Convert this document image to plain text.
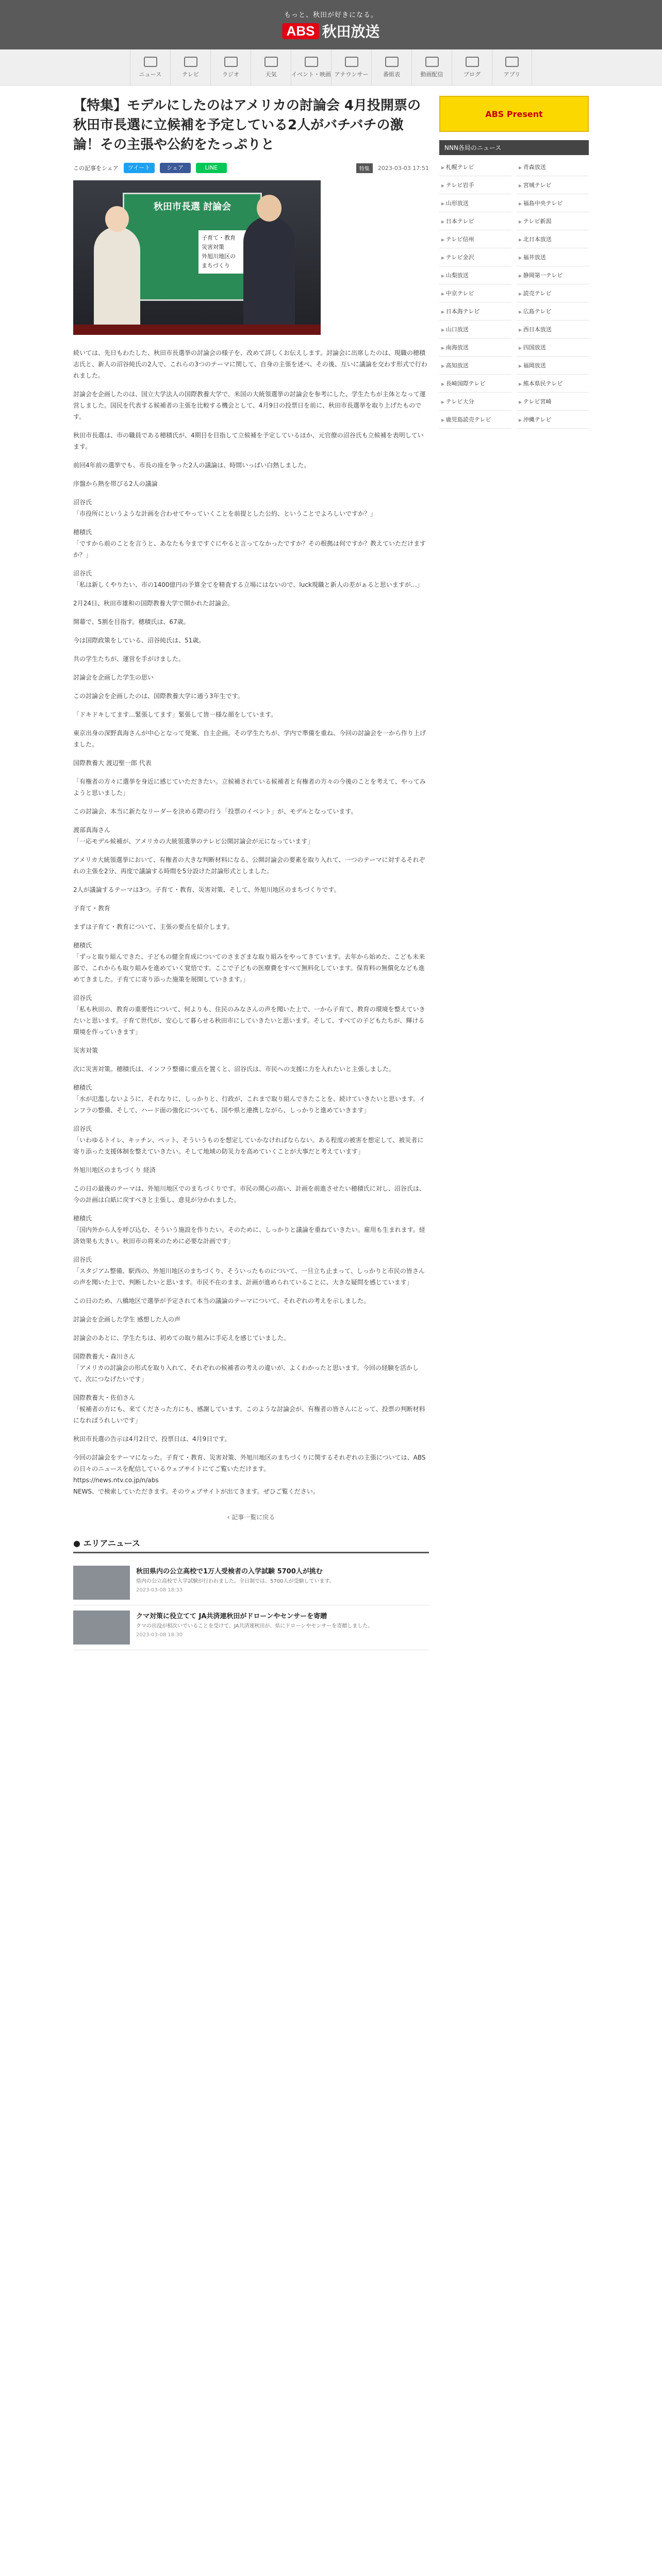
もっと、秋田が好きになる。
ABS 秋田放送
ニュース	テレビ	ラジオ	天気	イベント・映画 アナウンサー	番組表	動画配信	ブログ	アプリ
【特集】モデルにしたのはアメリカの討論会 4月投開票の秋田市長選に立候補を予定している2人がバチバチの激論！その主張や公約をたっぷりと
この記事をシェア	ツイート	シェア	LINE	特集	2023-03-03 17:51
秋田市長選 討論会
子育て・教育
災害対策
外旭川地区の
まちづくり

続いては、先日もわたした、秋田市長選挙の討論会の様子を、改めて詳しくお伝えします。討論会に出席したのは、現職の穂積志氏と、新人の沼谷純氏の2人で、これらの3つのテーマに関して、自身の主張を述べ、その後、互いに議論を交わす形式で行われました。

討論会を企画したのは、国立大学法人の国際教養大学で、米国の大統領選挙の討論会を参考にした、学生たちが主体となって運営しました。国民を代表する候補者の主張を比較する機会として、4月9日の投票日を前に、秋田市長選挙を取り上げたものです。

秋田市長選は、市の職員である穂積氏が、4期目を目指して立候補を予定しているほか、元官僚の沼谷氏も立候補を表明しています。

前回4年前の選挙でも、市長の座を争った2人の議論は、時間いっぱい白熱しました。

序盤から熱を帯びる2人の議論

沼谷氏
「市役所にというような計画を合わせてやっていくことを前提とした公約、ということでよろしいですか？」

穂積氏
「ですから前のことを言うと、あなたも今まですぐにやると言ってなかったですか？その根拠は何ですか？教えていただけますか？」

沼谷氏
「私は新しくやりたい、市の1400億円の予算全てを精査する立場にはないので、luck現職と新人の差がぁると思いますが…」

2月24日、秋田市雄和の国際教養大学で開かれた討論会。

開幕で、5割を目指す。穂積氏は、67歳。

今は国際政策をしている、沼谷純氏は、51歳。

共の学生たちが、運営を手がけました。

討論会を企画した学生の思い

この討論会を企画したのは、国際教養大学に通う3年生です。

「ドキドキしてます…緊張してます」緊張して皆一様な顔をしています。

東京出身の深野真海さんが中心となって発案、自主企画。その学生たちが、学内で準備を重ね、今回の討論会を一から作り上げました。

国際教養大 渡辺聖一郎 代表

「有権者の方々に選挙を身近に感じていただきたい。立候補されている候補者と有権者の方々の今後のことを考えて、やってみようと思いました」

この討論会、本当に新たなリーダーを決める際の行う「投票のイベント」が、モデルとなっています。

渡部真海さん
「一応モデル候補が、アメリカの大統領選挙のテレビ公開討論会が元になっています」

アメリカ大統領選挙において、有権者の大きな判断材料になる、公開討論会の要素を取り入れて、一つのテーマに対するそれぞれの主張を2分、再度で議論する時間を5分設けた討論形式としました。

2人が議論するテーマは3つ。子育て・教育、災害対策、そして、外旭川地区のまちづくりです。

子育て・教育

まずは子育て・教育について、主張の要点を紹介します。

穂積氏
「ずっと取り組んできた、子どもの健全育成についてのさまざまな取り組みをやってきています。去年から始めた、こども未来部で、これからも取り組みを進めていく覚悟です。ここで子どもの医療費をすべて無料化しています。保育料の無償化なども進めてきました。子育てに寄り添った施策を展開していきます。」

沼谷氏
「私も秋田の、教育の重要性について、何よりも、住民のみなさんの声を聞いた上で、一から子育て、教育の環境を整えていきたいと思います。子育て世代が、安心して暮らせる秋田市にしていきたいと思います。そして、すべての子どもたちが、輝ける環境を作っていきます」

災害対策

次に災害対策。穂積氏は、インフラ整備に重点を置くと、沼谷氏は、市民への支援に力を入れたいと主張しました。

穂積氏
「水が氾濫しないように、それなりに、しっかりと、行政が、これまで取り組んできたことを、続けていきたいと思います。インフラの整備、そして、ハード面の強化についても、国や県と連携しながら、しっかりと進めていきます」

沼谷氏
「いわゆるトイレ、キッチン、ペット、そういうものを想定していかなければならない。ある程度の被害を想定して、被災者に寄り添った支援体制を整えていきたい。そして地域の防災力を高めていくことが大事だと考えています」

外旭川地区のまちづくり 経済

この日の最後のテーマは、外旭川地区でのまちづくりです。市民の関心の高い、計画を前進させたい穂積氏に対し、沼谷氏は、今の計画は白紙に戻すべきと主張し、意見が分かれました。

穂積氏
「国内外から人を呼び込む、そういう施設を作りたい。そのために、しっかりと議論を重ねていきたい。雇用も生まれます。経済効果も大きい。秋田市の将来のために必要な計画です」

沼谷氏
「スタジアム整備、駅西の、外旭川地区のまちづくり、そういったものについて、一旦立ち止まって、しっかりと市民の皆さんの声を聞いた上で、判断したいと思います。市民不在のまま、計画が進められていることに、大きな疑問を感じています」

この日のため、八橋地区で選挙が予定されて本当の議論のテーマについて、それぞれの考えを示しました。

討論会を企画した学生 感想した人の声

討論会のあとに、学生たちは、初めての取り組みに手応えを感じていました。

国際教養大・森川さん
「アメリカの討論会の形式を取り入れて、それぞれの候補者の考えの違いが、よくわかったと思います。今回の経験を活かして、次につなげたいです」

国際教養大・佐伯さん
「候補者の方にも、来てくださった方にも、感謝しています。このような討論会が、有権者の皆さんにとって、投票の判断材料になればうれしいです」

秋田市長選の告示は4月2日で、投票日は、4月9日です。

今回の討論会をテーマになった。子育て・教育、災害対策、外旭川地区のまちづくりに関するそれぞれの主張については、ABSの日々のニュースを配信しているウェブサイトにてご覧いただけます。
https://news.ntv.co.jp/n/abs
NEWS、で検索していただきます。そのウェブサイトが出てきます。ぜひご覧ください。

‹ 記事一覧に戻る
● エリアニュース
秋田県内の公立高校で1万人受検者の入学試験 5700人が挑む
県内の公立高校で入学試験が行われました。全日制では、5700人が受験しています。
2023-03-08 18:33
クマ対策に役立てて JA共済連秋田がドローンやセンサーを寄贈
クマの出没が相次いでいることを受けて、JA共済連秋田が、県にドローンやセンサーを寄贈しました。
2023-03-08 18:30
ABS Present
NNN各局のニュース
▶ 札幌テレビ	▶ 青森放送
▶ テレビ岩手	▶ 宮城テレビ
▶ 山形放送	▶ 福島中央テレビ
▶ 日本テレビ	▶ テレビ新潟
▶ テレビ信州	▶ 北日本放送
▶ テレビ金沢	▶ 福井放送
▶ 山梨放送	▶ 静岡第一テレビ
▶ 中京テレビ	▶ 読売テレビ
▶ 日本海テレビ	▶ 広島テレビ
▶ 山口放送	▶ 西日本放送
▶ 南海放送	▶ 四国放送
▶ 高知放送	▶ 福岡放送
▶ 長崎国際テレビ	▶ 熊本県民テレビ
▶ テレビ大分	▶ テレビ宮崎
▶ 鹿児島読売テレビ	▶ 沖縄テレビ
